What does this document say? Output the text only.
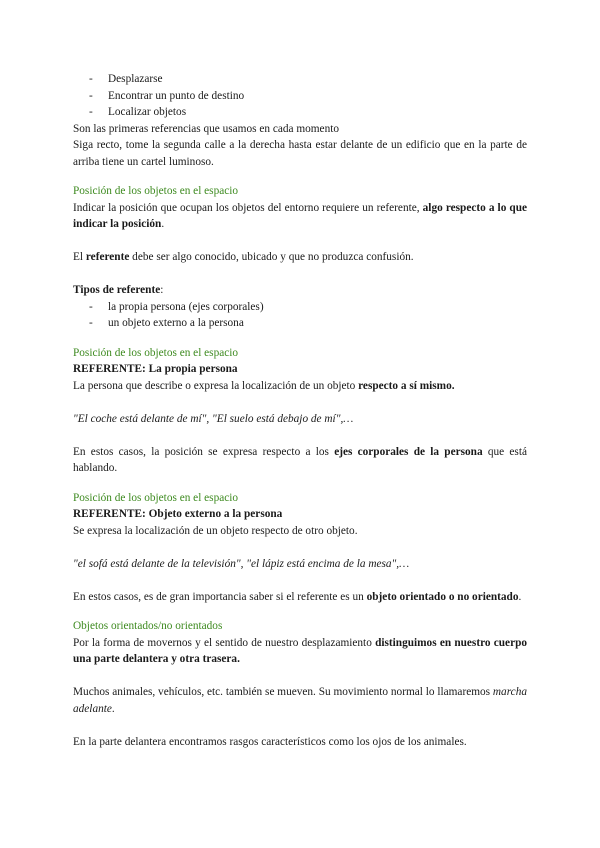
- Desplazarse
- Encontrar un punto de destino
- Localizar objetos

Son las primeras referencias que usamos en cada momento

Siga recto, tome la segunda calle a la derecha hasta estar delante de un edificio que en la parte de arriba tiene un cartel luminoso.

Posición de los objetos en el espacio

Indicar la posición que ocupan los objetos del entorno requiere un referente, algo respecto a lo que indicar la posición.

El referente debe ser algo conocido, ubicado y que no produzca confusión.

Tipos de referente:

- la propia persona (ejes corporales)
- un objeto externo a la persona

Posición de los objetos en el espacio

REFERENTE: La propia persona

La persona que describe o expresa la localización de un objeto respecto a sí mismo.

"El coche está delante de mí", "El suelo está debajo de mí",…

En estos casos, la posición se expresa respecto a los ejes corporales de la persona que está hablando.

Posición de los objetos en el espacio

REFERENTE: Objeto externo a la persona

Se expresa la localización de un objeto respecto de otro objeto.

"el sofá está delante de la televisión", "el lápiz está encima de la mesa",…

En estos casos, es de gran importancia saber si el referente es un objeto orientado o no orientado.

Objetos orientados/no orientados

Por la forma de movernos y el sentido de nuestro desplazamiento distinguimos en nuestro cuerpo una parte delantera y otra trasera.

Muchos animales, vehículos, etc. también se mueven. Su movimiento normal lo llamaremos marcha adelante.

En la parte delantera encontramos rasgos característicos como los ojos de los animales.
